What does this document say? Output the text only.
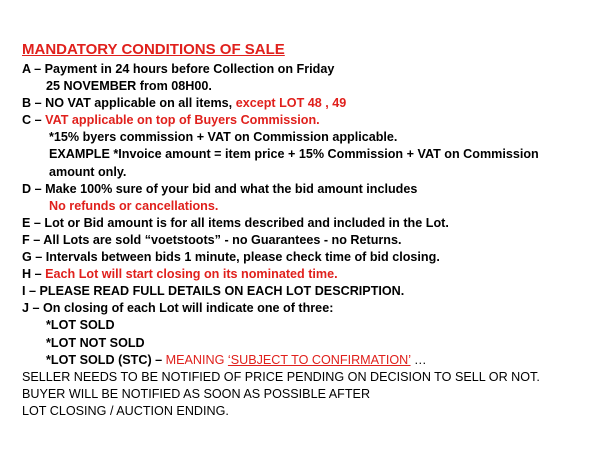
MANDATORY CONDITIONS OF SALE
A – Payment in 24 hours before Collection on Friday
25 NOVEMBER from 08H00.
B – NO VAT applicable on all items, except LOT 48 , 49
C – VAT applicable on top of Buyers Commission.
*15% byers commission + VAT on Commission applicable.
EXAMPLE *Invoice amount = item price + 15% Commission + VAT on Commission
amount only.
D – Make 100% sure of your bid and what the bid amount includes
No refunds or cancellations.
E – Lot or Bid amount is for all items described and included in the Lot.
F – All Lots are sold “voetstoots” - no Guarantees - no Returns.
G – Intervals between bids 1 minute, please check time of bid closing.
H – Each Lot will start closing on its nominated time.
I – PLEASE READ FULL DETAILS ON EACH LOT DESCRIPTION.
J – On closing of each Lot will indicate one of three:
*LOT SOLD
*LOT NOT SOLD
*LOT SOLD (STC) – MEANING ‘SUBJECT TO CONFIRMATION’ …
SELLER NEEDS TO BE NOTIFIED OF PRICE PENDING ON DECISION TO SELL OR NOT.
BUYER WILL BE NOTIFIED AS SOON AS POSSIBLE AFTER
LOT CLOSING / AUCTION ENDING.
